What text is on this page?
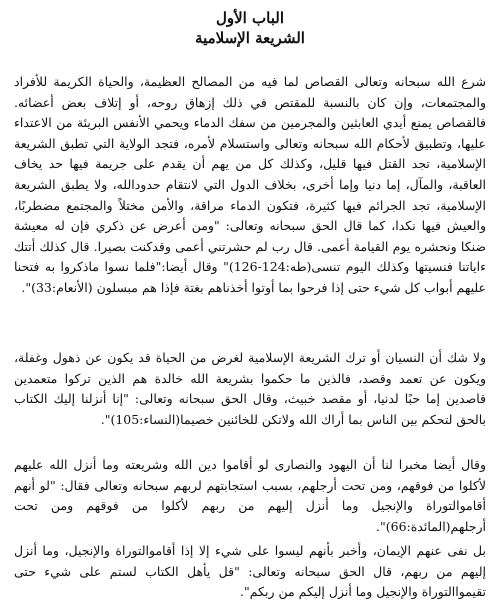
الباب الأول
الشريعة الإسلامية

شرع الله سبحانه وتعالى القصاص لما فيه من المصالح العظيمة، والحياة الكريمة للأفراد والمجتمعات، وإن كان بالنسبة للمقتص في ذلك إزهاق روحه، أو إتلاف بعض أعضائه. فالقصاص يمنع أيدي العابثين والمجرمين من سفك الدماء ويحمي الأنفس البريئة من الاعتداء عليها، وتطبيق لأحكام الله سبحانه وتعالى واستسلام لأمره، فتجد الولاية التي تطبق الشريعة الإسلامية، تجد القتل فيها قليل، وكذلك كل من يهم أن يقدم على جريمة فيها حد يخاف العاقبة، والمآل، إما دنيا وإما أخرى، بخلاف الدول التي لانتقام حدودالله، ولا يطبق الشريعة الإسلامية، تجد الجرائم فيها كثيرة، فتكون الدماء مراقة، والأمن مختلاً والمجتمع مضطربًا، والعيش فيها نكدا، كما قال الحق سبحانه وتعالى: "ومن أعرض عن ذكري فإن له معيشة ضنكا ونحشره يوم القيامة أعمى. قال رب لم حشرتني أعمى وقدكنت بصيرا. قال كذلك أتتك ءاياتنا فنسيتها وكذلك اليوم تنسى(طه:124-126)" وقال أيضا:"فلما نسوا ماذكروا به فتحنا عليهم أبواب كل شيء حتى إذا فرحوا بما أوتوا أخذناهم بغتة فإذا هم مبسلون (الأنعام:33)".

ولا شك أن النسيان أو ترك الشريعة الإسلامية لغرض من الحياة قد يكون عن ذهول وغفلة، ويكون عن تعمد وقصد، فالذين ما حكموا بشريعة الله خالدة هم الذين تركوا متعمدين قاصدين إما حبًا لدنيا، أو مقصد خبيث، وقال الحق سبحانه وتعالى: "إنا أنزلنا إليك الكتاب بالحق لتحكم بين الناس بما أراك الله ولاتكن للخائنين خصيما(النساء:105)".

وقال أيضا مخبرا لنا أن اليهود والنصارى لو أقاموا دين الله وشريعته وما أنزل الله عليهم لأكلوا من فوقهم، ومن تحت أرجلهم، بسبب استجابتهم لربهم سبحانه وتعالى فقال: "لو أنهم أقاموالتوراة والإنجيل وما أنزل إليهم من ربهم لأكلوا من فوقهم ومن تحت أرجلهم(المائدة:66)".

بل نفى عنهم الإيمان، وأخبر بأنهم ليسوا على شيء إلا إذا أقاموالتوراة والإنجيل، وما أنزل إليهم من ربهم، قال الحق سبحانه وتعالى: "قل يأهل الكتاب لستم على شيء حتى تقيمواالتوراة والإنجيل وما أنزل إليكم من ربكم".
